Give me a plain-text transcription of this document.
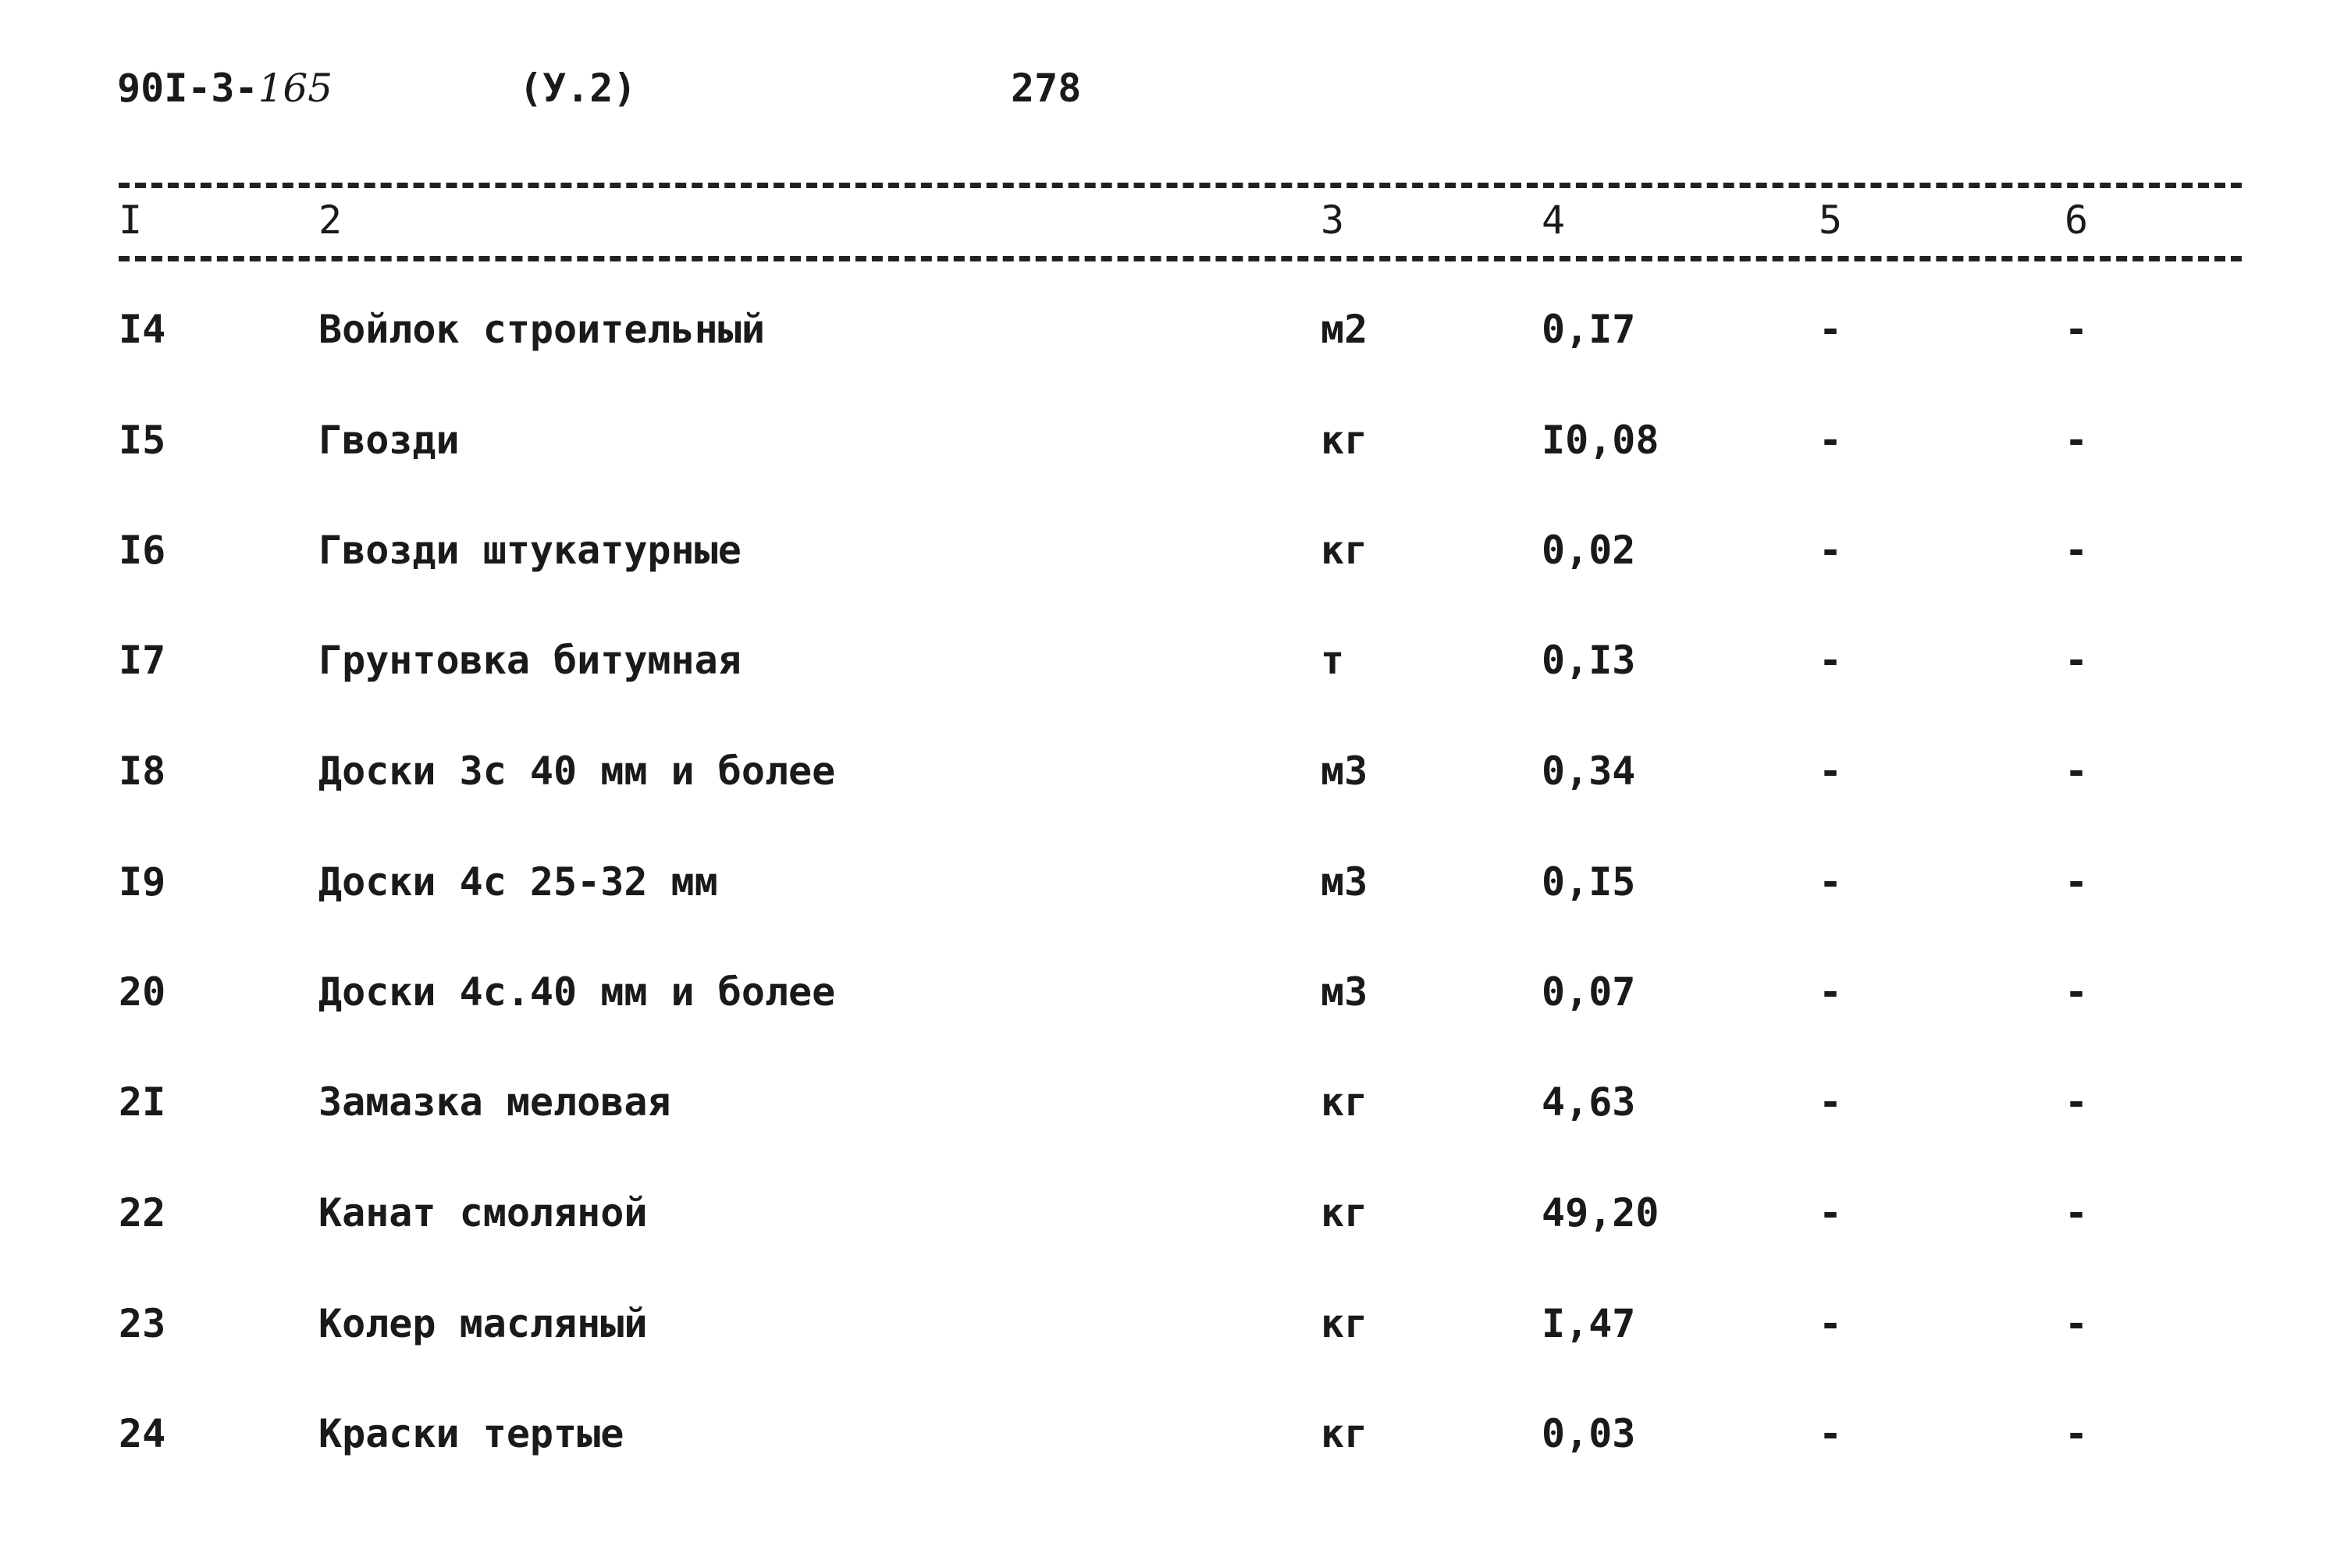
90I-3-165	(У.2)	278
I	2	3	4	5	6
I4	Войлок строительный	м2	0,I7	-	-
I5	Гвозди	кг	I0,08	-	-
I6	Гвозди штукатурные	кг	0,02	-	-
I7	Грунтовка битумная	т	0,I3	-	-
I8	Доски 3с 40 мм и более	м3	0,34	-	-
I9	Доски 4с 25-32 мм	м3	0,I5	-	-
20	Доски 4с.40 мм и более	м3	0,07	-	-
2I	Замазка меловая	кг	4,63	-	-
22	Канат смоляной	кг	49,20	-	-
23	Колер масляный	кг	I,47	-	-
24	Краски тертые	кг	0,03	-	-
